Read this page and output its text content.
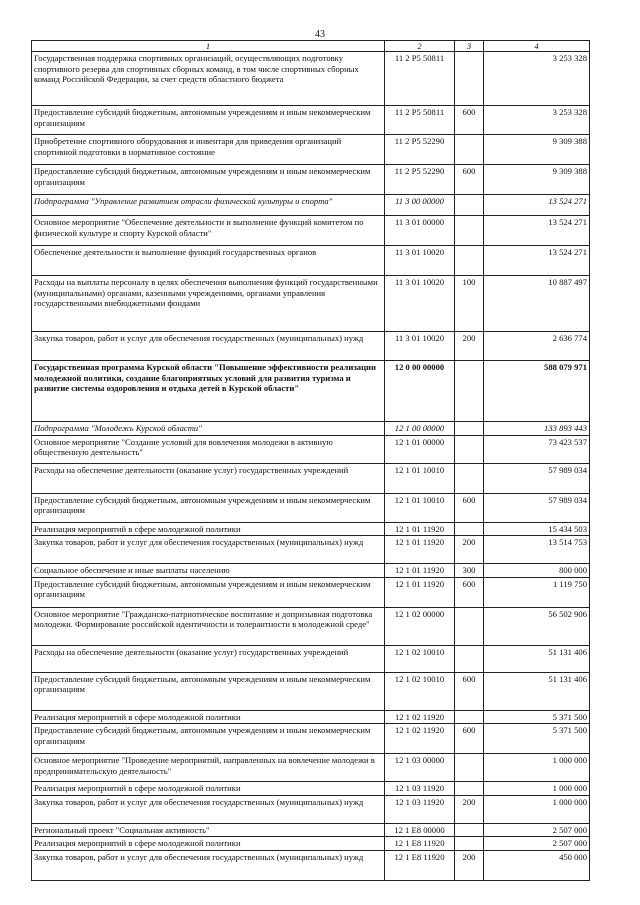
43
1	2	3	4
Государственная поддержка спортивных организаций, осуществляющих подготовку спортивного резерва для спортивных сборных команд, в том числе спортивных сборных команд Российской Федерации, за счет средств областного бюджета	11 2 P5 50811		3 253 328
Предоставление субсидий бюджетным, автономным учреждениям и иным некоммерческим организациям	11 2 P5 50811	600	3 253 328
Приобретение спортивного оборудования и инвентаря для приведения организаций спортивной подготовки в нормативное состояние	11 2 P5 52290		9 309 388
Предоставление субсидий бюджетным, автономным учреждениям и иным некоммерческим организациям	11 2 P5 52290	600	9 309 388
Подпрограмма "Управление развитием отрасли физической культуры и спорта"	11 3 00 00000		13 524 271
Основное мероприятие "Обеспечение деятельности и выполнение функций комитетом по физической культуре и спорту Курской области"	11 3 01 00000		13 524 271
Обеспечение деятельности и выполнение функций государственных органов	11 3 01 10020		13 524 271
Расходы на выплаты персоналу в целях обеспечения выполнения функций государственными (муниципальными) органами, казенными учреждениями, органами управления государственными внебюджетными фондами	11 3 01 10020	100	10 887 497
Закупка товаров, работ и услуг для обеспечения государственных (муниципальных) нужд	11 3 01 10020	200	2 636 774
Государственная программа Курской области "Повышение эффективности реализации молодежной политики, создание благоприятных условий для развития туризма и развитие системы оздоровления и отдыха детей в Курской области"	12 0 00 00000		588 079 971
Подпрограмма "Молодежь Курской области"	12 1 00 00000		133 893 443
Основное мероприятие "Создание условий для вовлечения молодежи в активную общественную деятельность"	12 1 01 00000		73 423 537
Расходы на обеспечение деятельности (оказание услуг) государственных учреждений	12 1 01 10010		57 989 034
Предоставление субсидий бюджетным, автономным учреждениям и иным некоммерческим организациям	12 1 01 10010	600	57 989 034
Реализация мероприятий в сфере молодежной политики	12 1 01 11920		15 434 503
Закупка товаров, работ и услуг для обеспечения государственных (муниципальных) нужд	12 1 01 11920	200	13 514 753
Социальное обеспечение и иные выплаты населению	12 1 01 11920	300	800 000
Предоставление субсидий бюджетным, автономным учреждениям и иным некоммерческим организациям	12 1 01 11920	600	1 119 750
Основное мероприятие "Гражданско-патриотическое воспитание и допризывная подготовка молодежи. Формирование российской идентичности и толерантности в молодежной среде"	12 1 02 00000		56 502 906
Расходы на обеспечение деятельности (оказание услуг) государственных учреждений	12 1 02 10010		51 131 406
Предоставление субсидий бюджетным, автономным учреждениям и иным некоммерческим организациям	12 1 02 10010	600	51 131 406
Реализация мероприятий в сфере молодежной политики	12 1 02 11920		5 371 500
Предоставление субсидий бюджетным, автономным учреждениям и иным некоммерческим организациям	12 1 02 11920	600	5 371 500
Основное мероприятие "Проведение мероприятий, направленных на вовлечение молодежи в предпринимательскую деятельность"	12 1 03 00000		1 000 000
Реализация мероприятий в сфере молодежной политики	12 1 03 11920		1 000 000
Закупка товаров, работ и услуг для обеспечения государственных (муниципальных) нужд	12 1 03 11920	200	1 000 000
Региональный проект "Социальная активность"	12 1 E8 00000		2 507 000
Реализация мероприятий в сфере молодежной политики	12 1 E8 11920		2 507 000
Закупка товаров, работ и услуг для обеспечения государственных (муниципальных) нужд	12 1 E8 11920	200	450 000
